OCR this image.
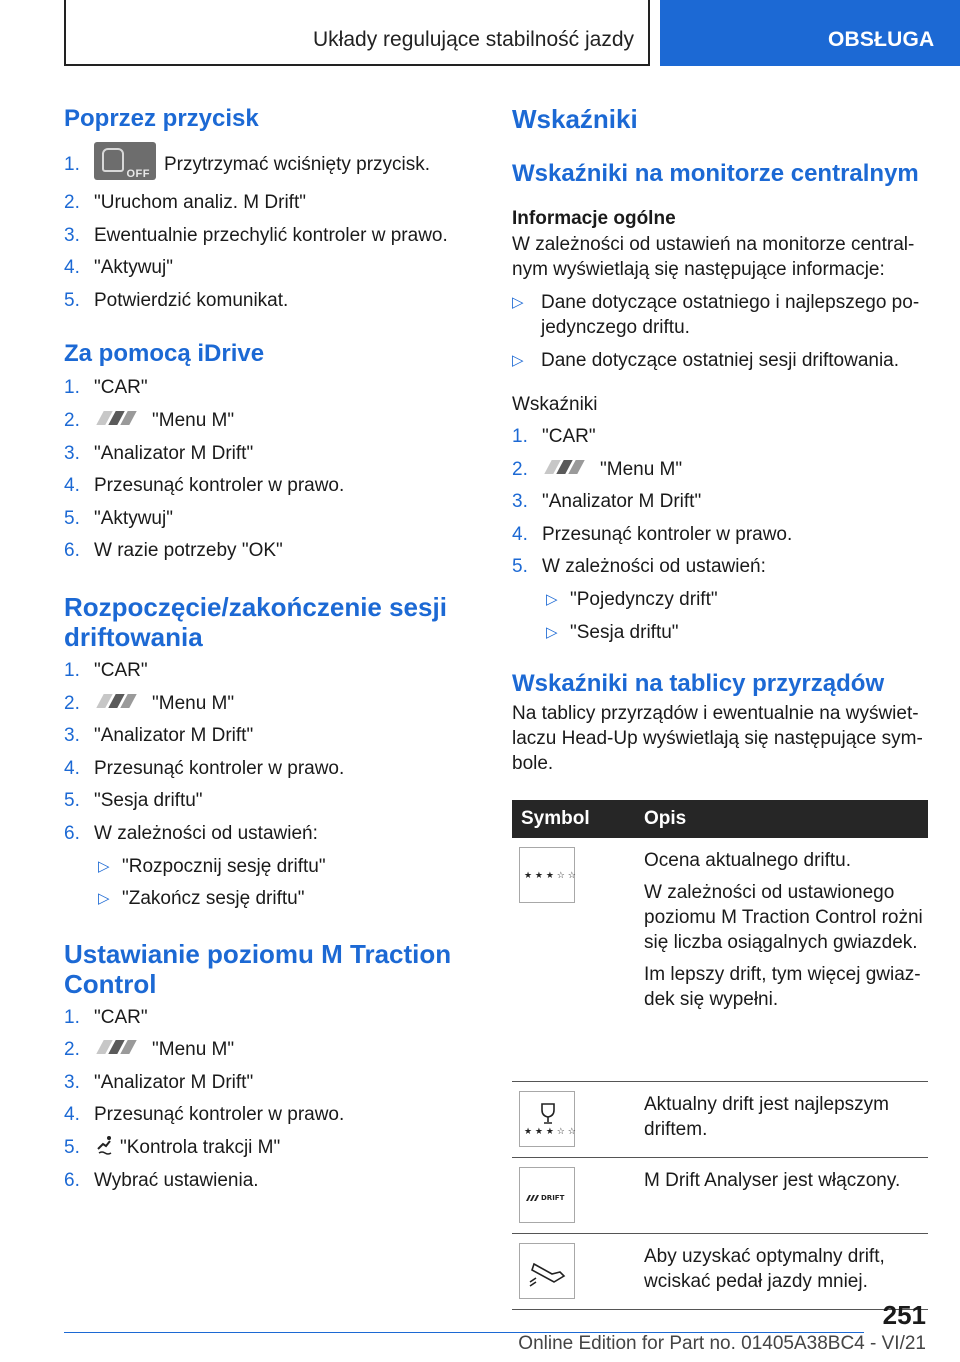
Układy regulujące stabilność jazdy	OBSŁUGA
Poprzez przycisk
1.	OFF Przytrzymać wciśnięty przycisk.
2. "Uruchom analiz. M Drift"
3. Ewentualnie przechylić kontroler w prawo.
4. "Aktywuj"
5. Potwierdzić komunikat.
Za pomocą iDrive
1. "CAR"
2.	"Menu M"
3. "Analizator M Drift"
4. Przesunąć kontroler w prawo.
5. "Aktywuj"
6. W razie potrzeby "OK"
Rozpoczęcie/zakończenie sesji
driftowania
1. "CAR"
2.	"Menu M"
3. "Analizator M Drift"
4. Przesunąć kontroler w prawo.
5. "Sesja driftu"
6. W zależności od ustawień:
▷ "Rozpocznij sesję driftu"
▷ "Zakończ sesję driftu"
Ustawianie poziomu M Traction
Control
1. "CAR"
2.	"Menu M"
3. "Analizator M Drift"
4. Przesunąć kontroler w prawo.
5. "Kontrola trakcji M"
6. Wybrać ustawienia.
Wskaźniki
Wskaźniki na monitorze centralnym
Informacje ogólne

W zależności od ustawień na monitorze centralnym wyświetlają się następujące informacje:

▷ Dane dotyczące ostatniego i najlepszego pojedynczego driftu.
▷ Dane dotyczące ostatniej sesji driftowania.
Wskaźniki
1. "CAR"
2.	"Menu M"
3. "Analizator M Drift"
4. Przesunąć kontroler w prawo.
5. W zależności od ustawień:
▷ "Pojedynczy drift"
▷ "Sesja driftu"
Wskaźniki na tablicy przyrządów

Na tablicy przyrządów i ewentualnie na wyświetlaczu Head-Up wyświetlają się następujące symbole.

Symbol	Opis

★ ★ ★ ☆ ☆	Ocena aktualnego driftu.

W zależności od ustawionego poziomu M Traction Control rożni się liczba osiągalnych gwiazdek.

Im lepszy drift, tym więcej gwiazdek się wypełni.

★ ★ ★ ☆ ☆	Aktualny drift jest najlepszym driftem.

DRIFT	M Drift Analyser jest włączony.

	Aby uzyskać optymalny drift, wciskać pedał jazdy mniej.
251
Online Edition for Part no. 01405A38BC4 - VI/21
